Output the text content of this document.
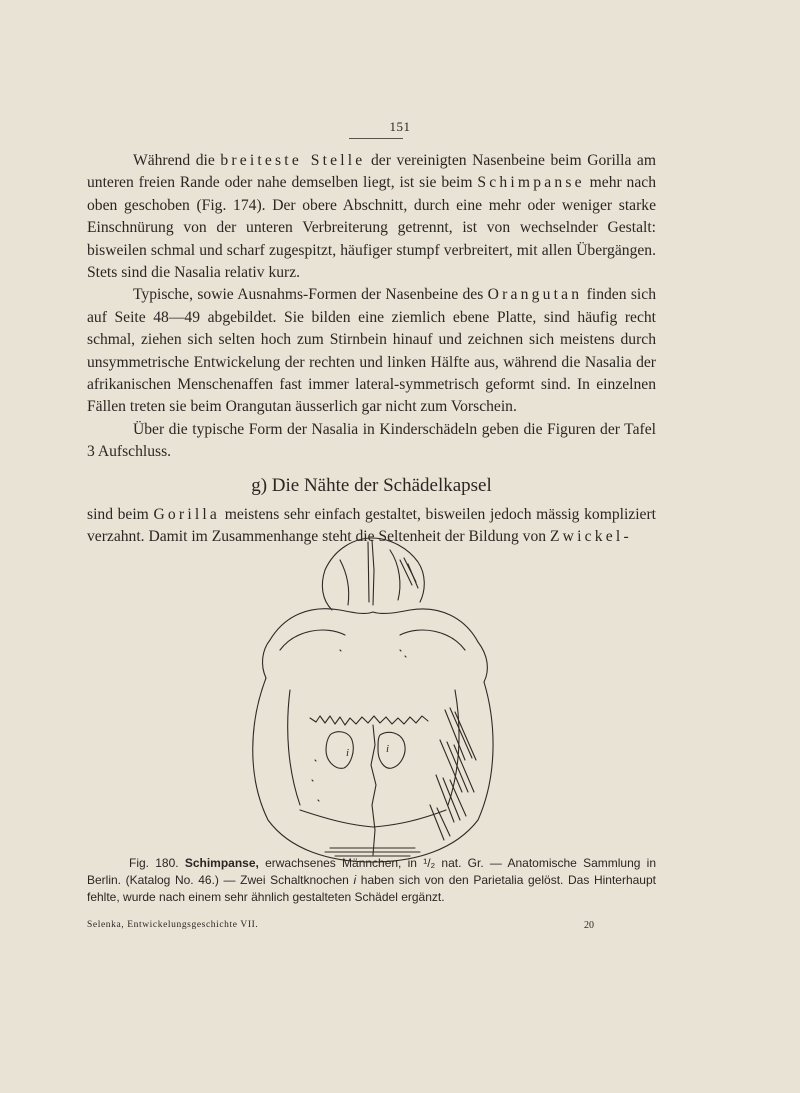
151

Während die breiteste Stelle der vereinigten Nasenbeine beim Gorilla am unteren freien Rande oder nahe demselben liegt, ist sie beim Schimpanse mehr nach oben geschoben (Fig. 174). Der obere Abschnitt, durch eine mehr oder weniger starke Einschnürung von der unteren Verbreiterung getrennt, ist von wechselnder Gestalt: bisweilen schmal und scharf zugespitzt, häufiger stumpf verbreitert, mit allen Übergängen. Stets sind die Nasalia relativ kurz.

Typische, sowie Ausnahms-Formen der Nasenbeine des Orangutan finden sich auf Seite 48—49 abgebildet. Sie bilden eine ziemlich ebene Platte, sind häufig recht schmal, ziehen sich selten hoch zum Stirnbein hinauf und zeichnen sich meistens durch unsymmetrische Entwickelung der rechten und linken Hälfte aus, während die Nasalia der afrikanischen Menschenaffen fast immer lateral-symmetrisch geformt sind. In einzelnen Fällen treten sie beim Orangutan äusserlich gar nicht zum Vorschein.

Über die typische Form der Nasalia in Kinderschädeln geben die Figuren der Tafel 3 Aufschluss.

g) Die Nähte der Schädelkapsel

sind beim Gorilla meistens sehr einfach gestaltet, bisweilen jedoch mässig kompliziert verzahnt. Damit im Zusammenhange steht die Seltenheit der Bildung von Zwickel-

i	i

Fig. 180. Schimpanse, erwachsenes Männchen, in ¹/₂ nat. Gr. — Anatomische Sammlung in Berlin. (Katalog No. 46.) — Zwei Schaltknochen i haben sich von den Parietalia gelöst. Das Hinterhaupt fehlte, wurde nach einem sehr ähnlich gestalteten Schädel ergänzt.

Selenka, Entwickelungsgeschichte VII.	20
